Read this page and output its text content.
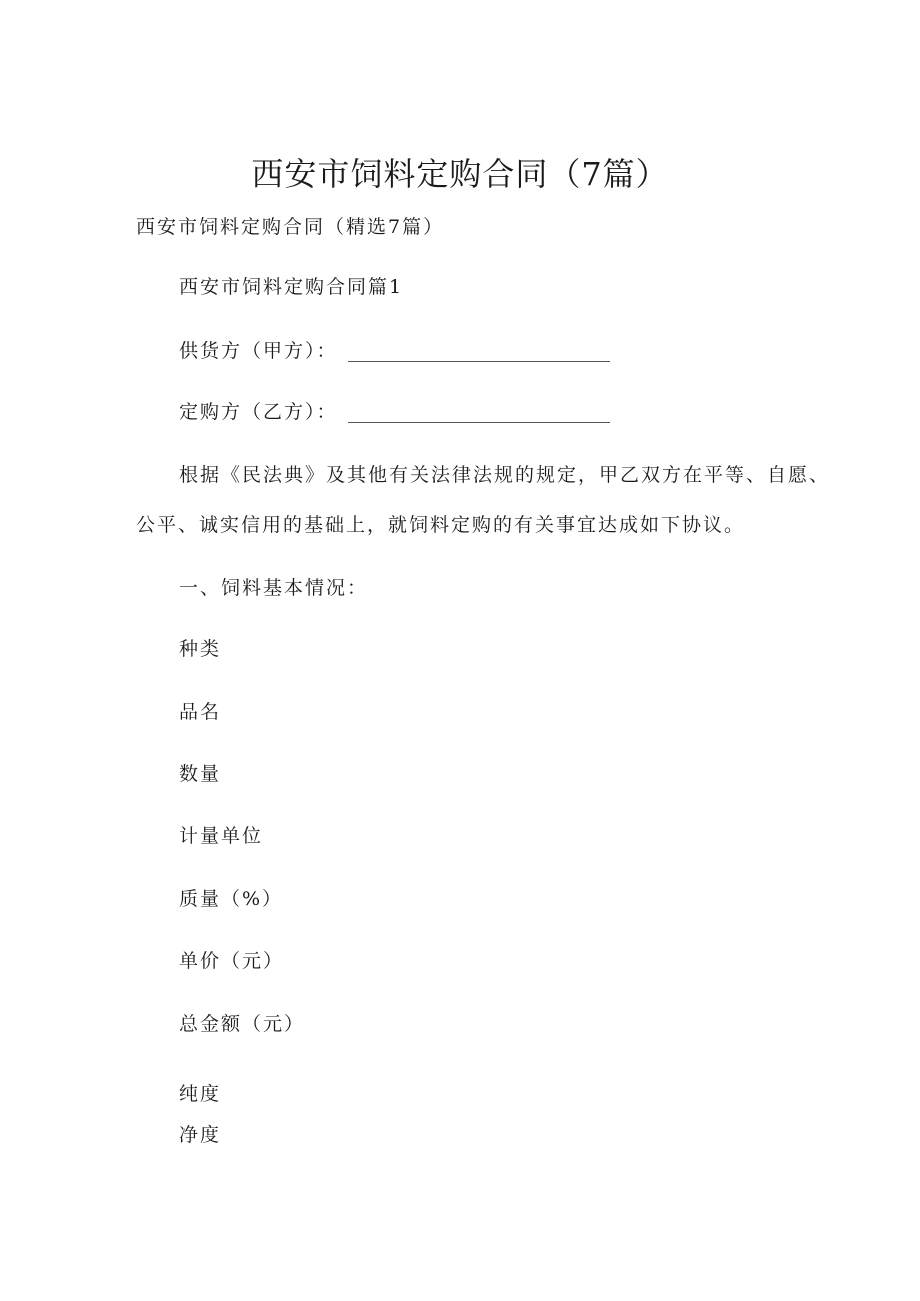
西安市饲料定购合同（7篇）
西安市饲料定购合同（精选7篇）
西安市饲料定购合同篇1
供货方（甲方）：
定购方（乙方）：
根据《民法典》及其他有关法律法规的规定，甲乙双方在平等、自愿、
公平、诚实信用的基础上，就饲料定购的有关事宜达成如下协议。
一、饲料基本情况：
种类
品名
数量
计量单位
质量（%）
单价（元）
总金额（元）
纯度
净度
